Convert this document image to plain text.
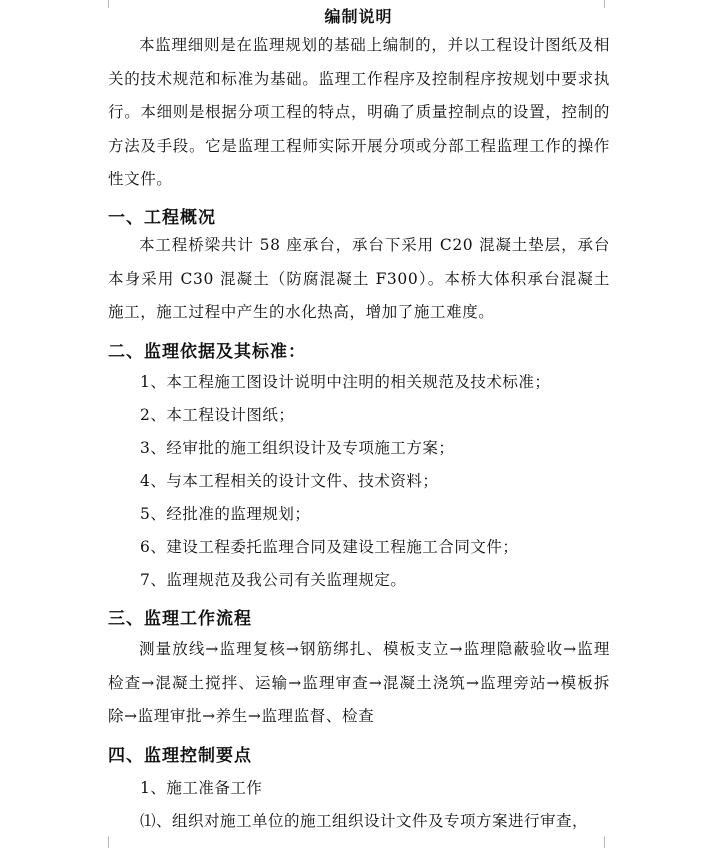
编制说明

本监理细则是在监理规划的基础上编制的，并以工程设计图纸及相关的技术规范和标准为基础。监理工作程序及控制程序按规划中要求执行。本细则是根据分项工程的特点，明确了质量控制点的设置，控制的方法及手段。它是监理工程师实际开展分项或分部工程监理工作的操作性文件。

一、工程概况

本工程桥梁共计 58 座承台，承台下采用 C20 混凝土垫层，承台本身采用 C30 混凝土（防腐混凝土 F300）。本桥大体积承台混凝土施工，施工过程中产生的水化热高，增加了施工难度。

二、监理依据及其标准：
1、本工程施工图设计说明中注明的相关规范及技术标准；
2、本工程设计图纸；
3、经审批的施工组织设计及专项施工方案；
4、与本工程相关的设计文件、技术资料；
5、经批准的监理规划；
6、建设工程委托监理合同及建设工程施工合同文件；
7、监理规范及我公司有关监理规定。
三、监理工作流程

测量放线→监理复核→钢筋绑扎、模板支立→监理隐蔽验收→监理检查→混凝土搅拌、运输→监理审查→混凝土浇筑→监理旁站→模板拆除→监理审批→养生→监理监督、检查

四、监理控制要点

1、施工准备工作

⑴、组织对施工单位的施工组织设计文件及专项方案进行审查，
